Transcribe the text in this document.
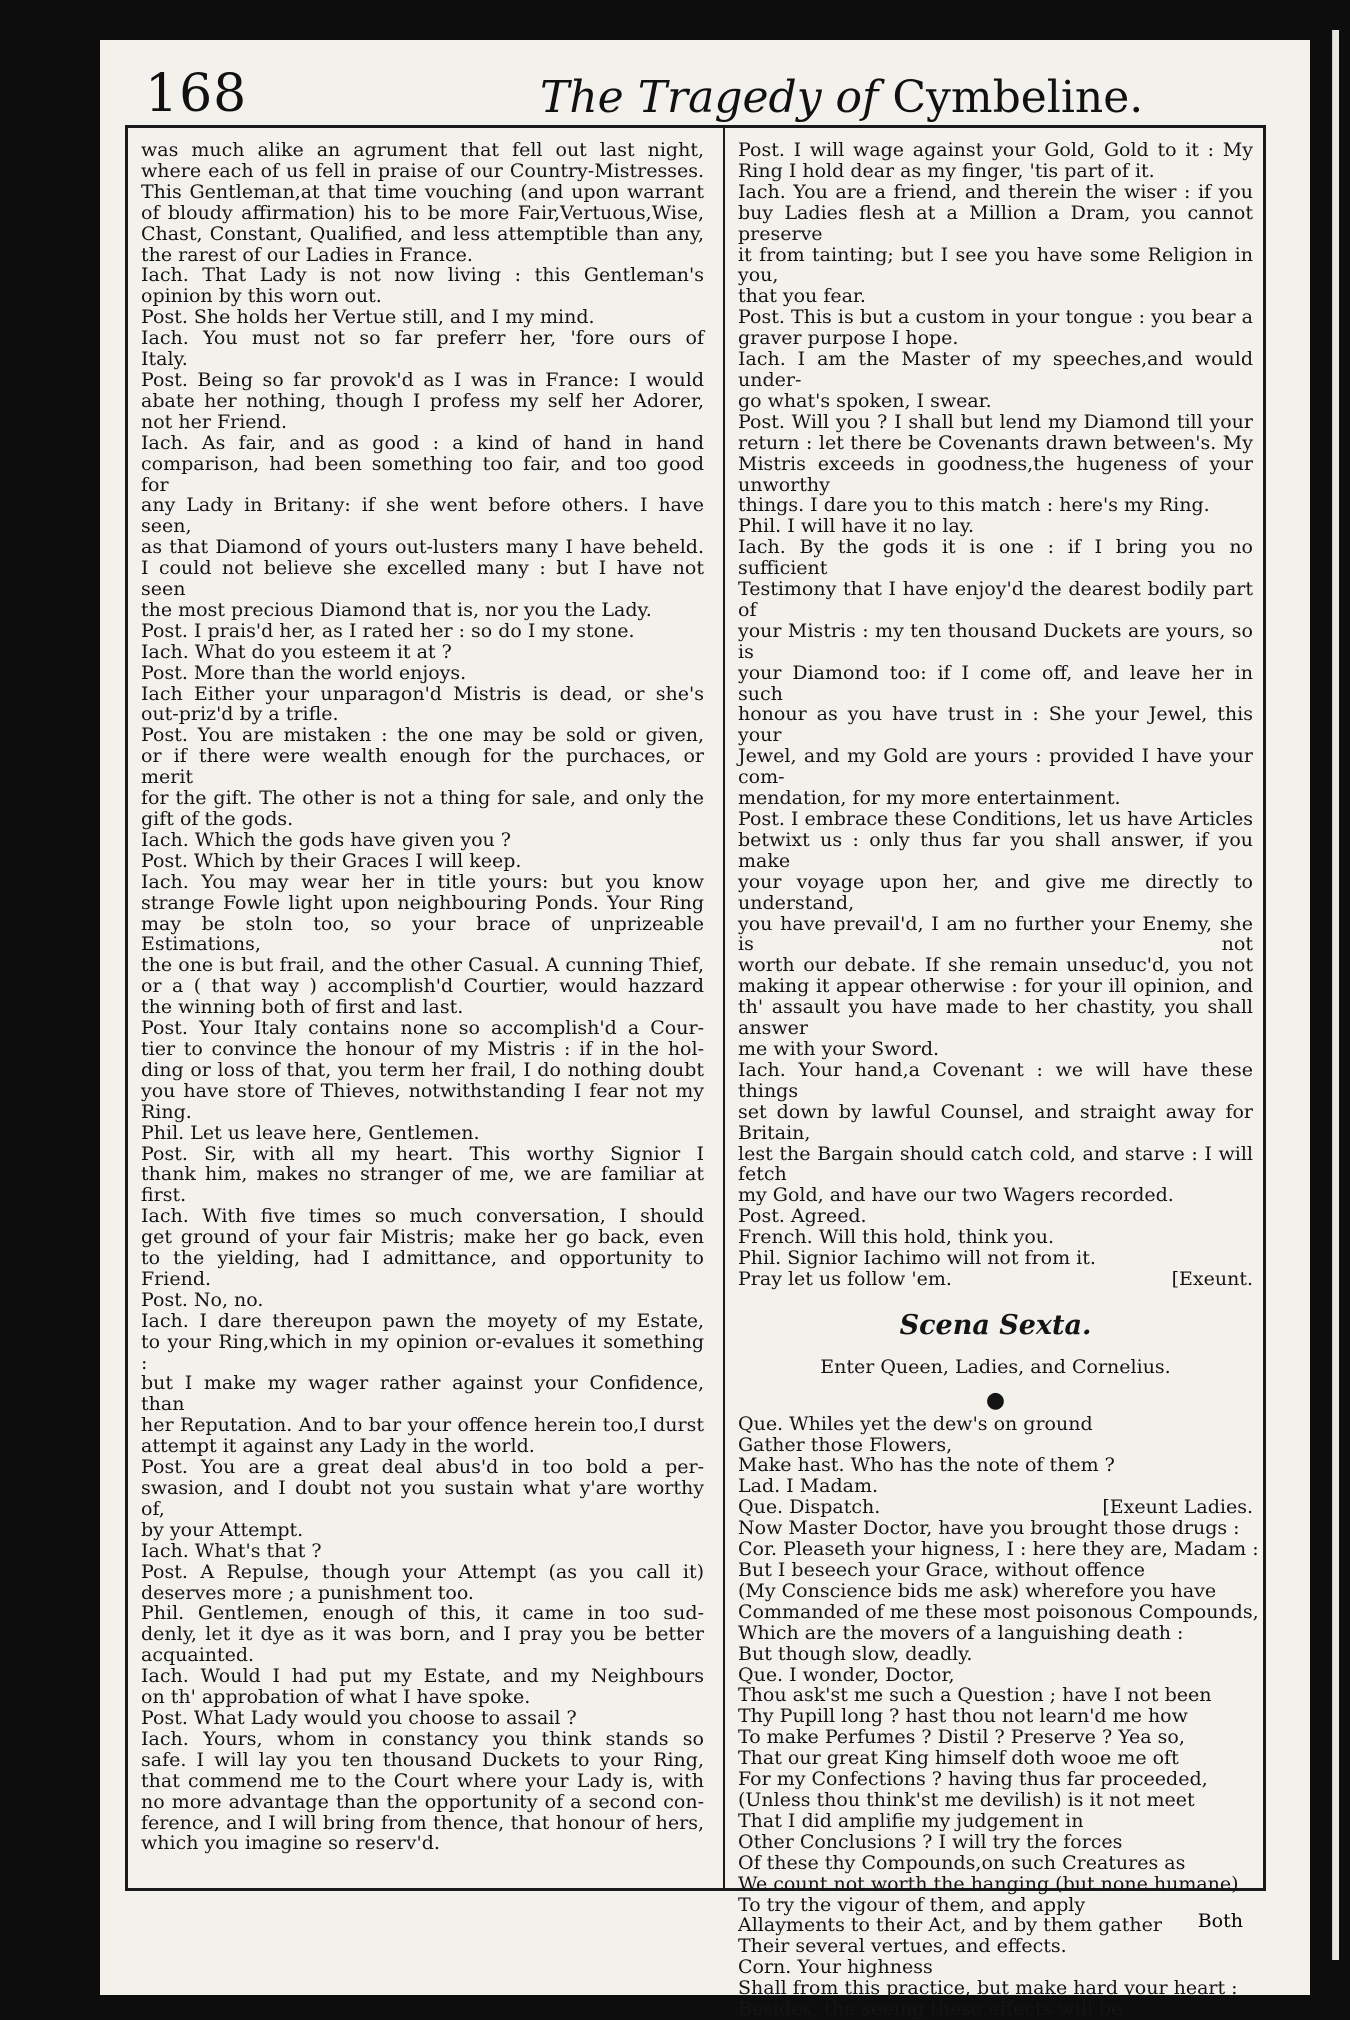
168	The Tragedy of Cymbeline.
was much alike an agrument that fell out last night,
where each of us fell in praise of our Country-Mistresses.
This Gentleman,at that time vouching (and upon warrant
of bloudy affirmation) his to be more Fair,Vertuous,Wise,
Chast, Constant, Qualified, and less attemptible than any,
the rarest of our Ladies in France.
Iach. That Lady is not now living : this Gentleman's
opinion by this worn out.
Post. She holds her Vertue still, and I my mind.
Iach. You must not so far preferr her, 'fore ours of
Italy.
Post. Being so far provok'd as I was in France: I would
abate her nothing, though I profess my self her Adorer,
not her Friend.
Iach. As fair, and as good : a kind of hand in hand
comparison, had been something too fair, and too good for
any Lady in Britany: if she went before others. I have seen,
as that Diamond of yours out-lusters many I have beheld.
I could not believe she excelled many : but I have not seen
the most precious Diamond that is, nor you the Lady.
Post. I prais'd her, as I rated her : so do I my stone.
Iach. What do you esteem it at ?
Post. More than the world enjoys.
Iach Either your unparagon'd Mistris is dead, or she's
out-priz'd by a trifle.
Post. You are mistaken : the one may be sold or given,
or if there were wealth enough for the purchaces, or merit
for the gift. The other is not a thing for sale, and only the
gift of the gods.
Iach. Which the gods have given you ?
Post. Which by their Graces I will keep.
Iach. You may wear her in title yours: but you know
strange Fowle light upon neighbouring Ponds. Your Ring
may be stoln too, so your brace of unprizeable Estimations,
the one is but frail, and the other Casual. A cunning Thief,
or a ( that way ) accomplish'd Courtier, would hazzard
the winning both of first and last.
Post. Your Italy contains none so accomplish'd a Cour-
tier to convince the honour of my Mistris : if in the hol-
ding or loss of that, you term her frail, I do nothing doubt
you have store of Thieves, notwithstanding I fear not my
Ring.
Phil. Let us leave here, Gentlemen.
Post. Sir, with all my heart. This worthy Signior I
thank him, makes no stranger of me, we are familiar at
first.
Iach. With five times so much conversation, I should
get ground of your fair Mistris; make her go back, even
to the yielding, had I admittance, and opportunity to
Friend.
Post. No, no.
Iach. I dare thereupon pawn the moyety of my Estate,
to your Ring,which in my opinion or-evalues it something :
but I make my wager rather against your Confidence, than
her Reputation. And to bar your offence herein too,I durst
attempt it against any Lady in the world.
Post. You are a great deal abus'd in too bold a per-
swasion, and I doubt not you sustain what y'are worthy of,
by your Attempt.
Iach. What's that ?
Post. A Repulse, though your Attempt (as you call it)
deserves more ; a punishment too.
Phil. Gentlemen, enough of this, it came in too sud-
denly, let it dye as it was born, and I pray you be better
acquainted.
Iach. Would I had put my Estate, and my Neighbours
on th' approbation of what I have spoke.
Post. What Lady would you choose to assail ?
Iach. Yours, whom in constancy you think stands so
safe. I will lay you ten thousand Duckets to your Ring,
that commend me to the Court where your Lady is, with
no more advantage than the opportunity of a second con-
ference, and I will bring from thence, that honour of hers,
which you imagine so reserv'd.
Post. I will wage against your Gold, Gold to it : My
Ring I hold dear as my finger, 'tis part of it.
Iach. You are a friend, and therein the wiser : if you
buy Ladies flesh at a Million a Dram, you cannot preserve
it from tainting; but I see you have some Religion in you,
that you fear.
Post. This is but a custom in your tongue : you bear a
graver purpose I hope.
Iach. I am the Master of my speeches,and would under-
go what's spoken, I swear.
Post. Will you ? I shall but lend my Diamond till your
return : let there be Covenants drawn between's. My
Mistris exceeds in goodness,the hugeness of your unworthy
things. I dare you to this match : here's my Ring.
Phil. I will have it no lay.
Iach. By the gods it is one : if I bring you no sufficient
Testimony that I have enjoy'd the dearest bodily part of
your Mistris : my ten thousand Duckets are yours, so is
your Diamond too: if I come off, and leave her in such
honour as you have trust in : She your Jewel, this your
Jewel, and my Gold are yours : provided I have your com-
mendation, for my more entertainment.
Post. I embrace these Conditions, let us have Articles
betwixt us : only thus far you shall answer, if you make
your voyage upon her, and give me directly to understand,
you have prevail'd, I am no further your Enemy, she is not
worth our debate. If she remain unseduc'd, you not
making it appear otherwise : for your ill opinion, and
th' assault you have made to her chastity, you shall answer
me with your Sword.
Iach. Your hand,a Covenant : we will have these things
set down by lawful Counsel, and straight away for Britain,
lest the Bargain should catch cold, and starve : I will fetch
my Gold, and have our two Wagers recorded.
Post. Agreed.
French. Will this hold, think you.
Phil. Signior Iachimo will not from it.
Pray let us follow 'em.	[Exeunt.
Scena Sexta.
Enter Queen, Ladies, and Cornelius.
●
Que. Whiles yet the dew's on ground
Gather those Flowers,
Make hast. Who has the note of them ?
Lad. I Madam.
Que. Dispatch.	[Exeunt Ladies.
Now Master Doctor, have you brought those drugs :
Cor. Pleaseth your higness, I : here they are, Madam :
But I beseech your Grace, without offence
(My Conscience bids me ask) wherefore you have
Commanded of me these most poisonous Compounds,
Which are the movers of a languishing death :
But though slow, deadly.
Que. I wonder, Doctor,
Thou ask'st me such a Question ; have I not been
Thy Pupill long ? hast thou not learn'd me how
To make Perfumes ? Distil ? Preserve ? Yea so,
That our great King himself doth wooe me oft
For my Confections ? having thus far proceeded,
(Unless thou think'st me devilish) is it not meet
That I did amplifie my judgement in
Other Conclusions ? I will try the forces
Of these thy Compounds,on such Creatures as
We count not worth the hanging (but none humane)
To try the vigour of them, and apply
Allayments to their Act, and by them gather
Their several vertues, and effects.
Corn. Your highness
Shall from this practice, but make hard your heart :
Besides, the seeing these effects will be
Both
